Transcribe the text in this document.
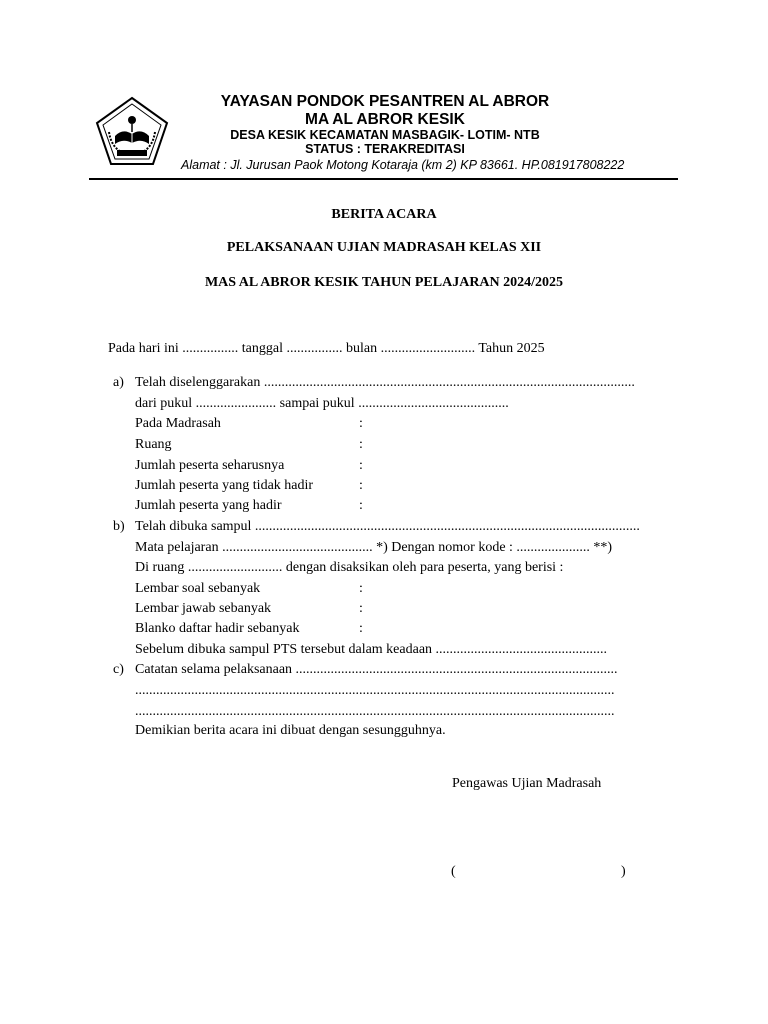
YAYASAN PONDOK PESANTREN AL ABROR
MA AL ABROR KESIK
DESA KESIK KECAMATAN MASBAGIK- LOTIM- NTB
STATUS : TERAKREDITASI
Alamat : Jl. Jurusan Paok Motong Kotaraja (km 2) KP 83661. HP.081917808222
BERITA ACARA
PELAKSANAAN UJIAN MADRASAH KELAS XII
MAS AL ABROR KESIK TAHUN PELAJARAN 2024/2025
Pada hari ini ................ tanggal ................ bulan ........................... Tahun 2025
a) Telah diselenggarakan ..........................................................................................................
dari pukul ....................... sampai pukul ...........................................
Pada Madrasah	:
Ruang	:
Jumlah peserta seharusnya	:
Jumlah peserta yang tidak hadir	:
Jumlah peserta yang hadir	:
b) Telah dibuka sampul ..............................................................................................................
Mata pelajaran ........................................... *) Dengan nomor kode : ..................... **)
Di ruang ........................... dengan disaksikan oleh para peserta, yang berisi :
Lembar soal sebanyak	:
Lembar jawab sebanyak	:
Blanko daftar hadir sebanyak	:
Sebelum dibuka sampul PTS tersebut dalam keadaan .................................................
c) Catatan selama pelaksanaan ............................................................................................
.........................................................................................................................................
.........................................................................................................................................
Demikian berita acara ini dibuat dengan sesungguhnya.
Pengawas Ujian Madrasah
(	)
